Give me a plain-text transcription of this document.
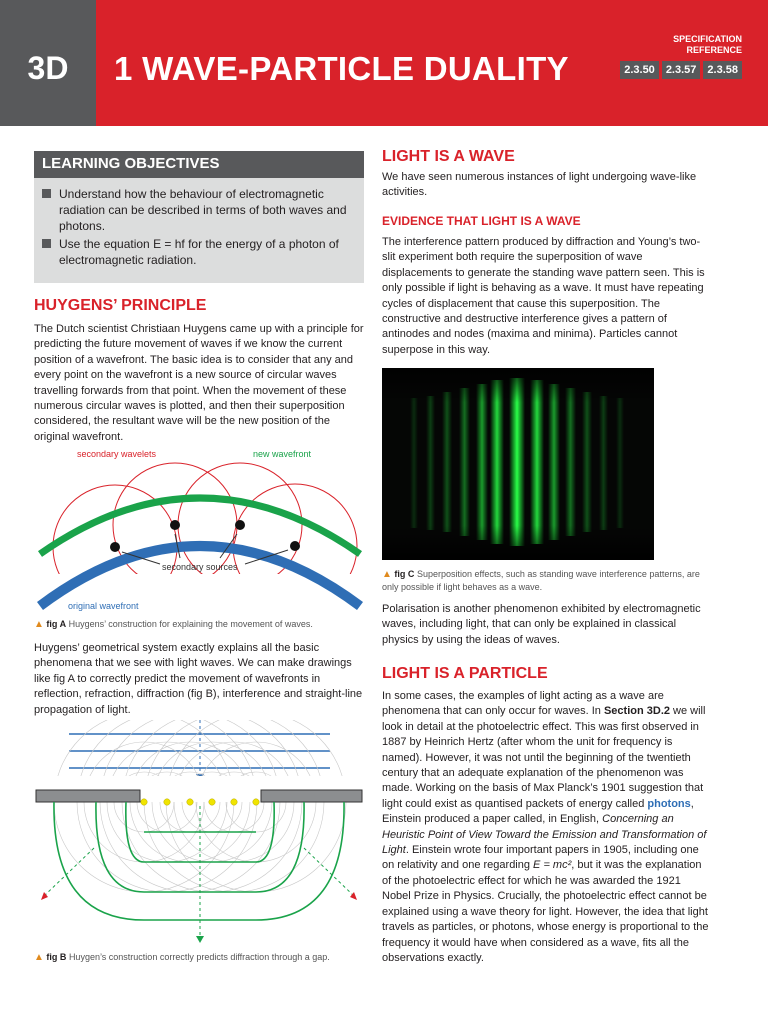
3D	1 WAVE-PARTICLE DUALITY
SPECIFICATION
REFERENCE
2.3.50	2.3.57	2.3.58
LEARNING OBJECTIVES
Understand how the behaviour of electromagnetic radiation can be described in terms of both waves and photons.
Use the equation E = hf for the energy of a photon of electromagnetic radiation.
HUYGENS’ PRINCIPLE

The Dutch scientist Christiaan Huygens came up with a principle for predicting the future movement of waves if we know the current position of a wavefront. The basic idea is to consider that any and every point on the wavefront is a new source of circular waves travelling forwards from that point. When the movement of these numerous circular waves is plotted, and then their superposition considered, the resultant wave will be the new position of the original wavefront.

secondary sources
secondary wavelets	new wavefront
original wavefront
▲ fig A Huygens’ construction for explaining the movement of waves.

Huygens’ geometrical system exactly explains all the basic phenomena that we see with light waves. We can make drawings like fig A to correctly predict the movement of wavefronts in reflection, refraction, diffraction (fig B), interference and straight-line propagation of light.

▲ fig B Huygen’s construction correctly predicts diffraction through a gap.
LIGHT IS A WAVE

We have seen numerous instances of light undergoing wave-like activities.

EVIDENCE THAT LIGHT IS A WAVE

The interference pattern produced by diffraction and Young’s two-slit experiment both require the superposition of wave displacements to generate the standing wave pattern seen. This is only possible if light is behaving as a wave. It must have repeating cycles of displacement that cause this superposition. The constructive and destructive interference gives a pattern of antinodes and nodes (maxima and minima). Particles cannot superpose in this way.

▲ fig C Superposition effects, such as standing wave interference patterns, are only possible if light behaves as a wave.

Polarisation is another phenomenon exhibited by electromagnetic waves, including light, that can only be explained in classical physics by using the ideas of waves.

LIGHT IS A PARTICLE

In some cases, the examples of light acting as a wave are phenomena that can only occur for waves. In Section 3D.2 we will look in detail at the photoelectric effect. This was first observed in 1887 by Heinrich Hertz (after whom the unit for frequency is named). However, it was not until the beginning of the twentieth century that an adequate explanation of the phenomenon was made. Working on the basis of Max Planck’s 1901 suggestion that light could exist as quantised packets of energy called photons, Einstein produced a paper called, in English, Concerning an Heuristic Point of View Toward the Emission and Transformation of Light. Einstein wrote four important papers in 1905, including one on relativity and one regarding E = mc², but it was the explanation of the photoelectric effect for which he was awarded the 1921 Nobel Prize in Physics. Crucially, the photoelectric effect cannot be explained using a wave theory for light. However, the idea that light travels as particles, or photons, whose energy is proportional to the frequency it would have when considered as a wave, fits all the observations exactly.
